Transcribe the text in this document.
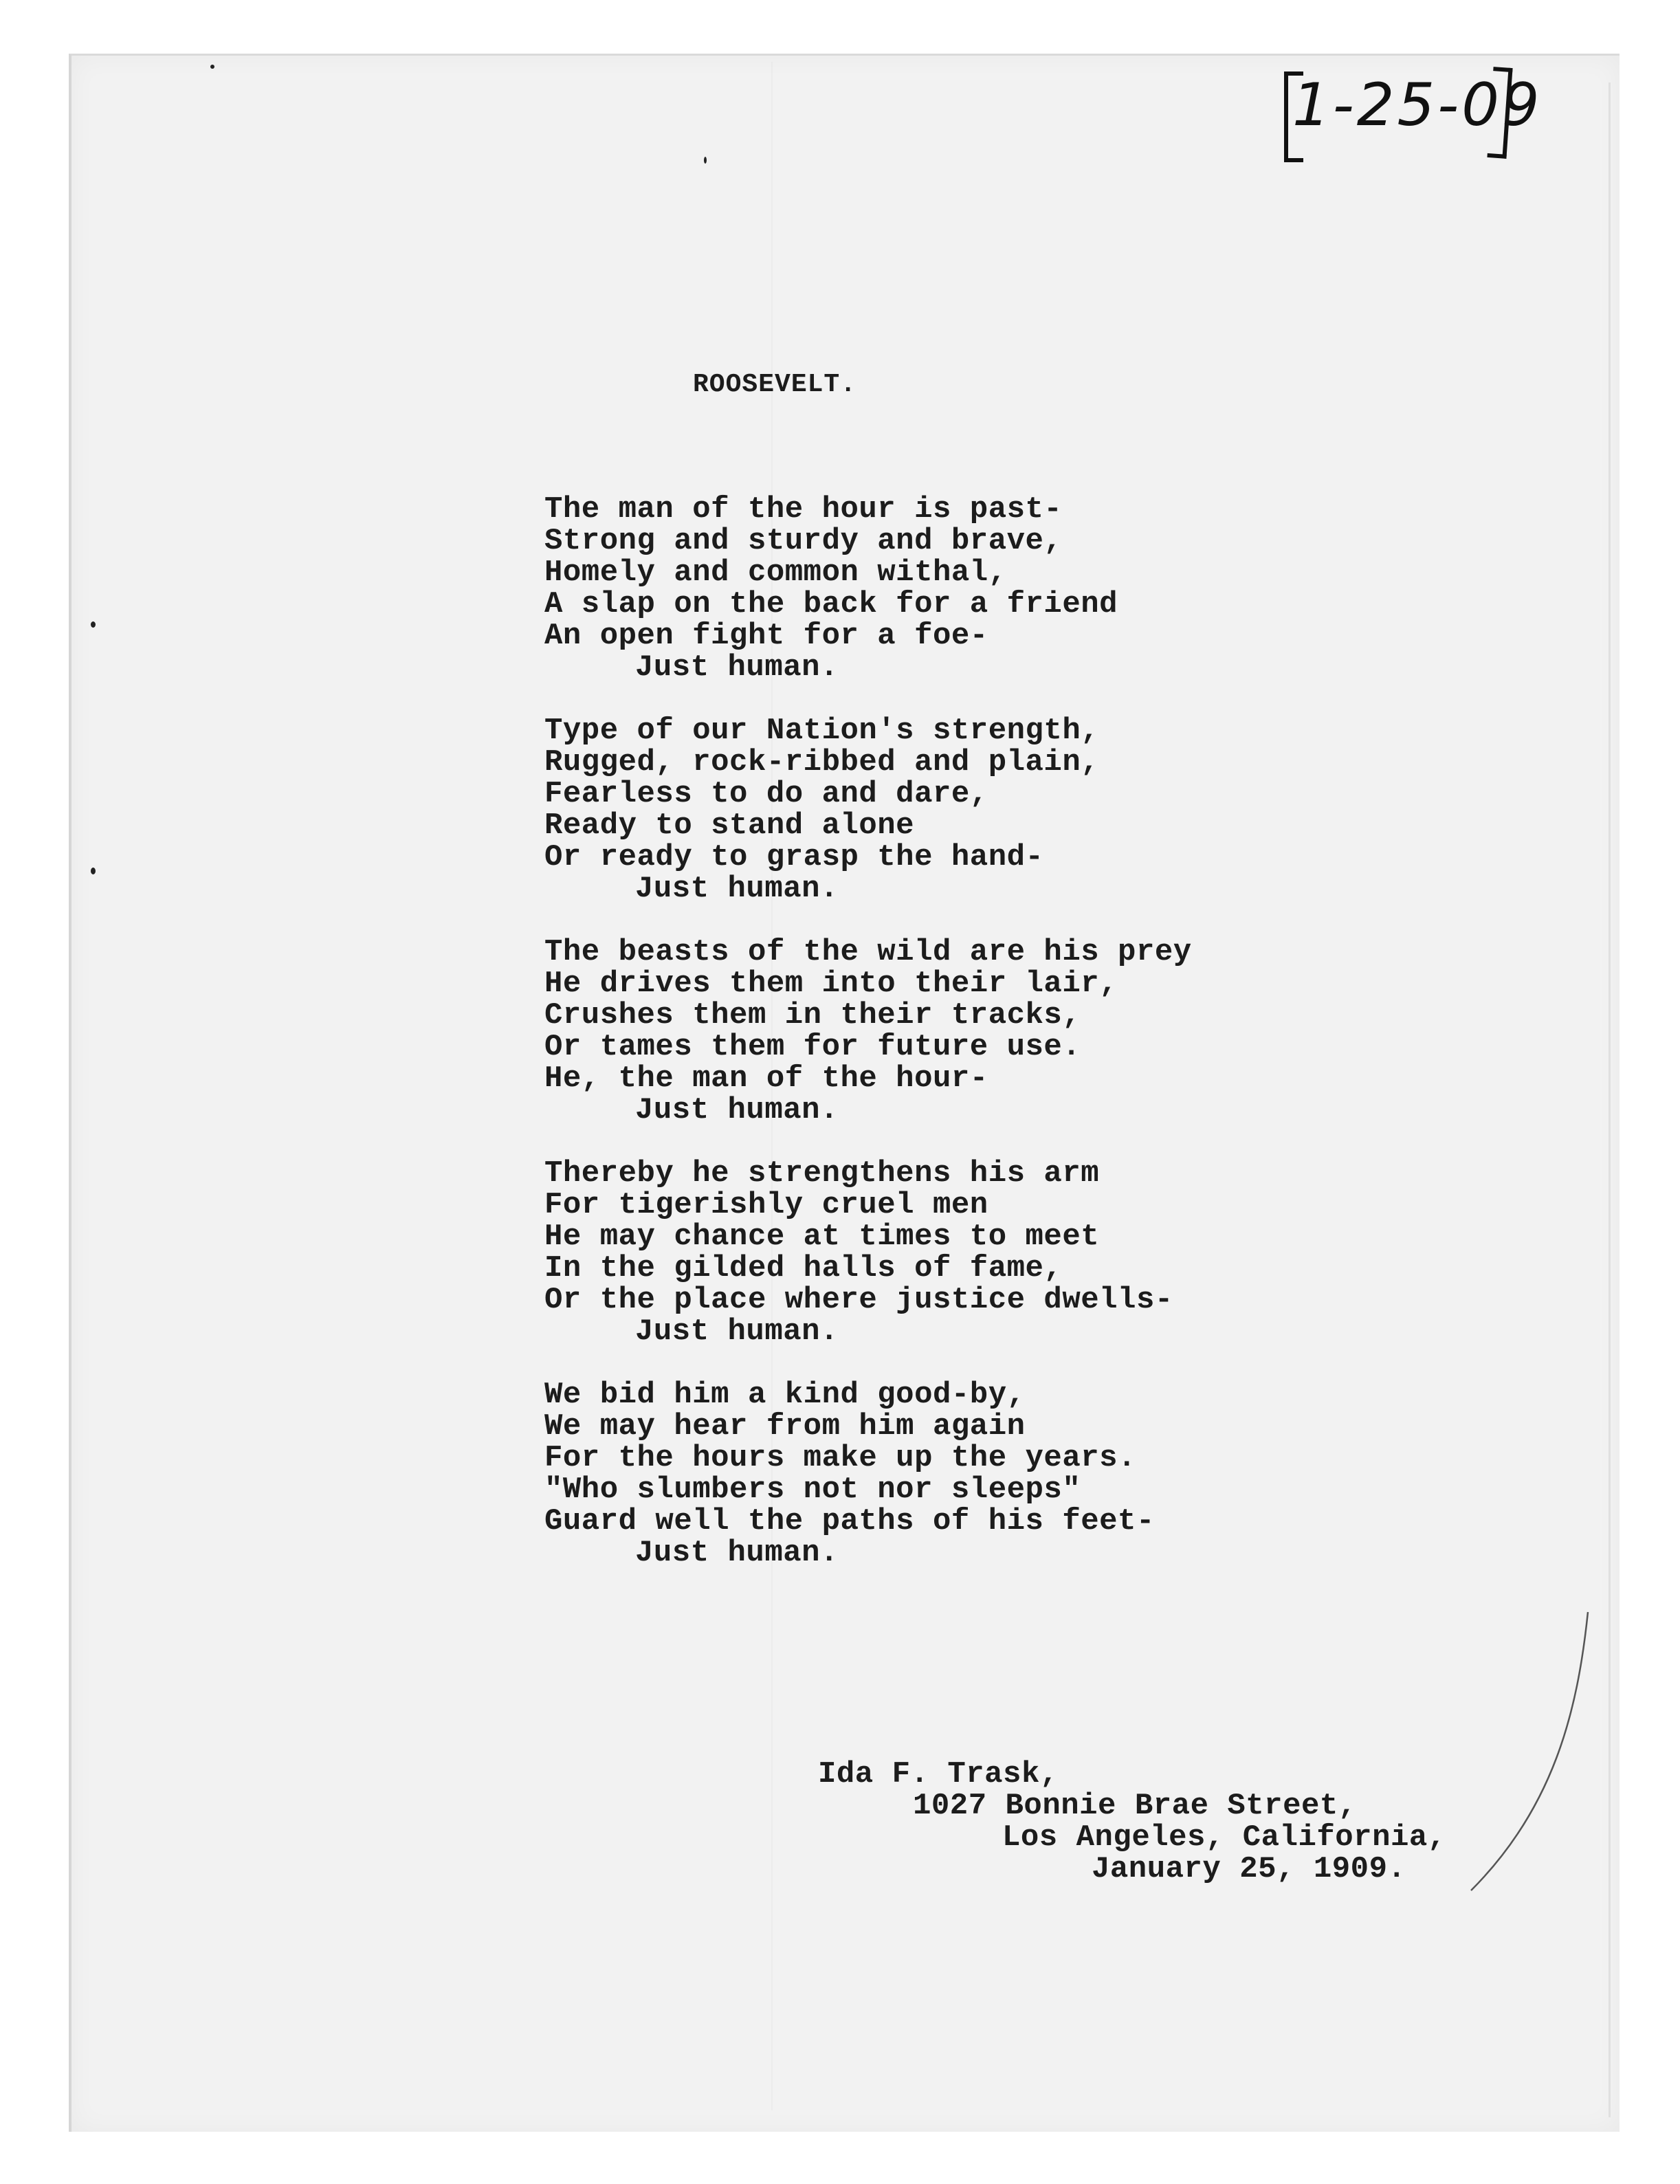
1-25-09
ROOSEVELT.
The man of the hour is past-
Strong and sturdy and brave,
Homely and common withal,
A slap on the back for a friend
An open fight for a foe-
Just human.
Type of our Nation's strength,
Rugged, rock-ribbed and plain,
Fearless to do and dare,
Ready to stand alone
Or ready to grasp the hand-
Just human.
The beasts of the wild are his prey
He drives them into their lair,
Crushes them in their tracks,
Or tames them for future use.
He, the man of the hour-
Just human.
Thereby he strengthens his arm
For tigerishly cruel men
He may chance at times to meet
In the gilded halls of fame,
Or the place where justice dwells-
Just human.
We bid him a kind good-by,
We may hear from him again
For the hours make up the years.
"Who slumbers not nor sleeps"
Guard well the paths of his feet-
Just human.
Ida F. Trask,
1027 Bonnie Brae Street,
Los Angeles, California,
January 25, 1909.
